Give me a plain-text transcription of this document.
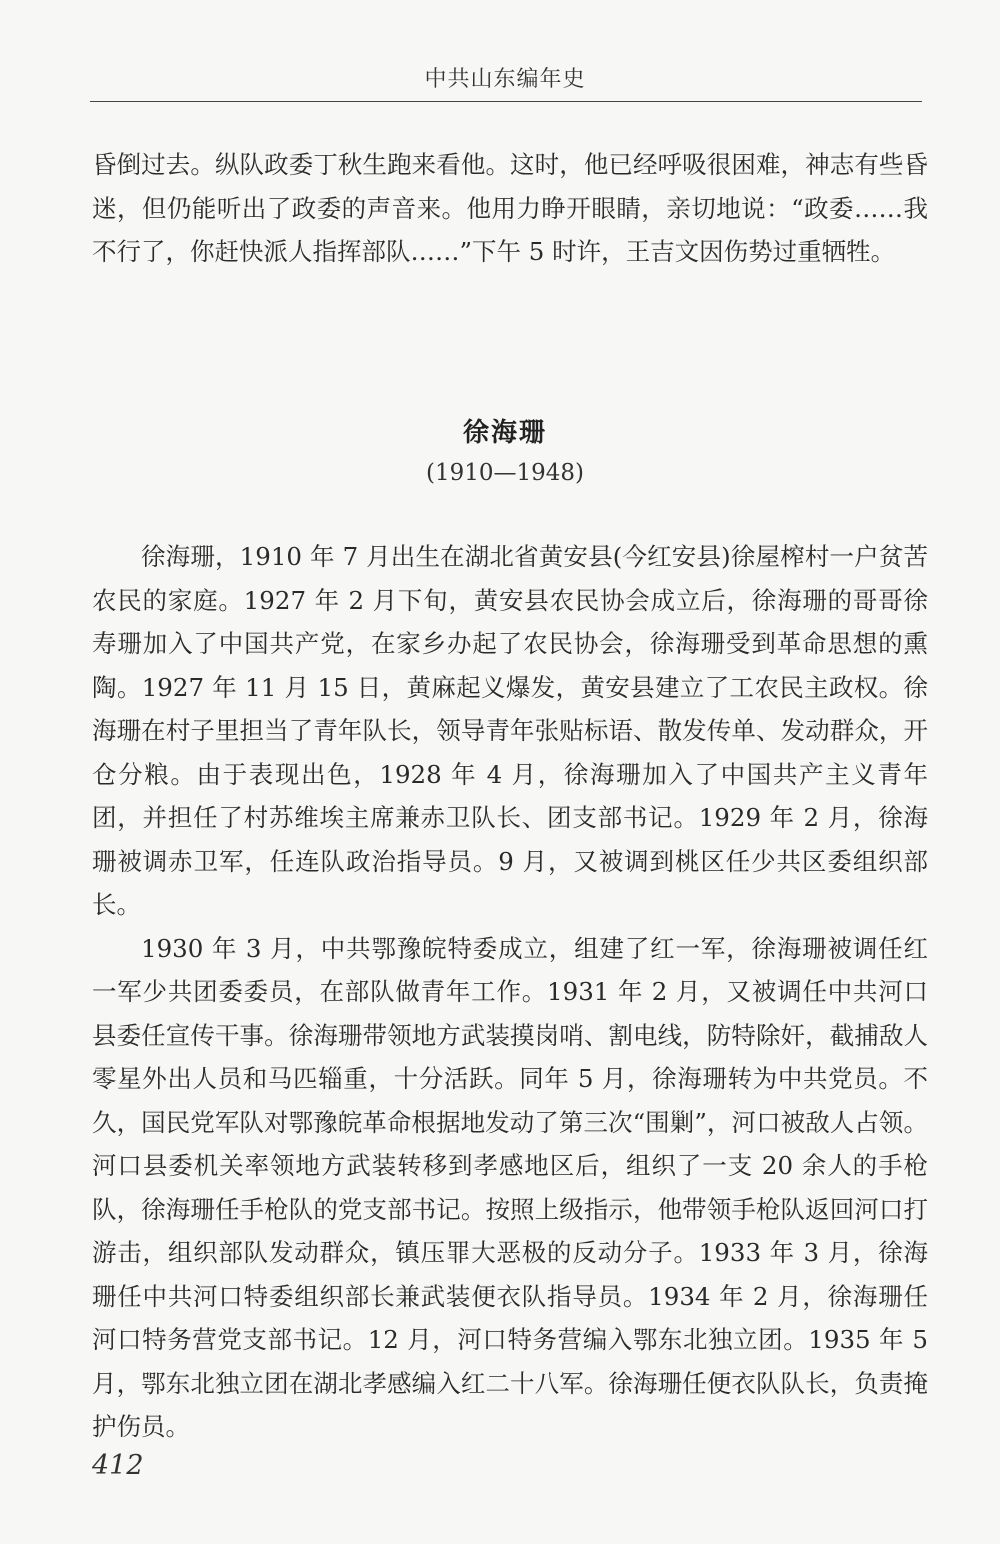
中共山东编年史

昏倒过去。纵队政委丁秋生跑来看他。这时，他已经呼吸很困难，神志有些昏迷，但仍能听出了政委的声音来。他用力睁开眼睛，亲切地说：“政委……我不行了，你赶快派人指挥部队……”下午 5 时许，王吉文因伤势过重牺牲。

徐海珊
(1910—1948)

徐海珊，1910 年 7 月出生在湖北省黄安县(今红安县)徐屋榨村一户贫苦农民的家庭。1927 年 2 月下旬，黄安县农民协会成立后，徐海珊的哥哥徐寿珊加入了中国共产党，在家乡办起了农民协会，徐海珊受到革命思想的熏陶。1927 年 11 月 15 日，黄麻起义爆发，黄安县建立了工农民主政权。徐海珊在村子里担当了青年队长，领导青年张贴标语、散发传单、发动群众，开仓分粮。由于表现出色，1928 年 4 月，徐海珊加入了中国共产主义青年团，并担任了村苏维埃主席兼赤卫队长、团支部书记。1929 年 2 月，徐海珊被调赤卫军，任连队政治指导员。9 月，又被调到桃区任少共区委组织部长。

1930 年 3 月，中共鄂豫皖特委成立，组建了红一军，徐海珊被调任红一军少共团委委员，在部队做青年工作。1931 年 2 月，又被调任中共河口县委任宣传干事。徐海珊带领地方武装摸岗哨、割电线，防特除奸，截捕敌人零星外出人员和马匹辎重，十分活跃。同年 5 月，徐海珊转为中共党员。不久，国民党军队对鄂豫皖革命根据地发动了第三次“围剿”，河口被敌人占领。河口县委机关率领地方武装转移到孝感地区后，组织了一支 20 余人的手枪队，徐海珊任手枪队的党支部书记。按照上级指示，他带领手枪队返回河口打游击，组织部队发动群众，镇压罪大恶极的反动分子。1933 年 3 月，徐海珊任中共河口特委组织部长兼武装便衣队指导员。1934 年 2 月，徐海珊任河口特务营党支部书记。12 月，河口特务营编入鄂东北独立团。1935 年 5 月，鄂东北独立团在湖北孝感编入红二十八军。徐海珊任便衣队队长，负责掩护伤员。

412
